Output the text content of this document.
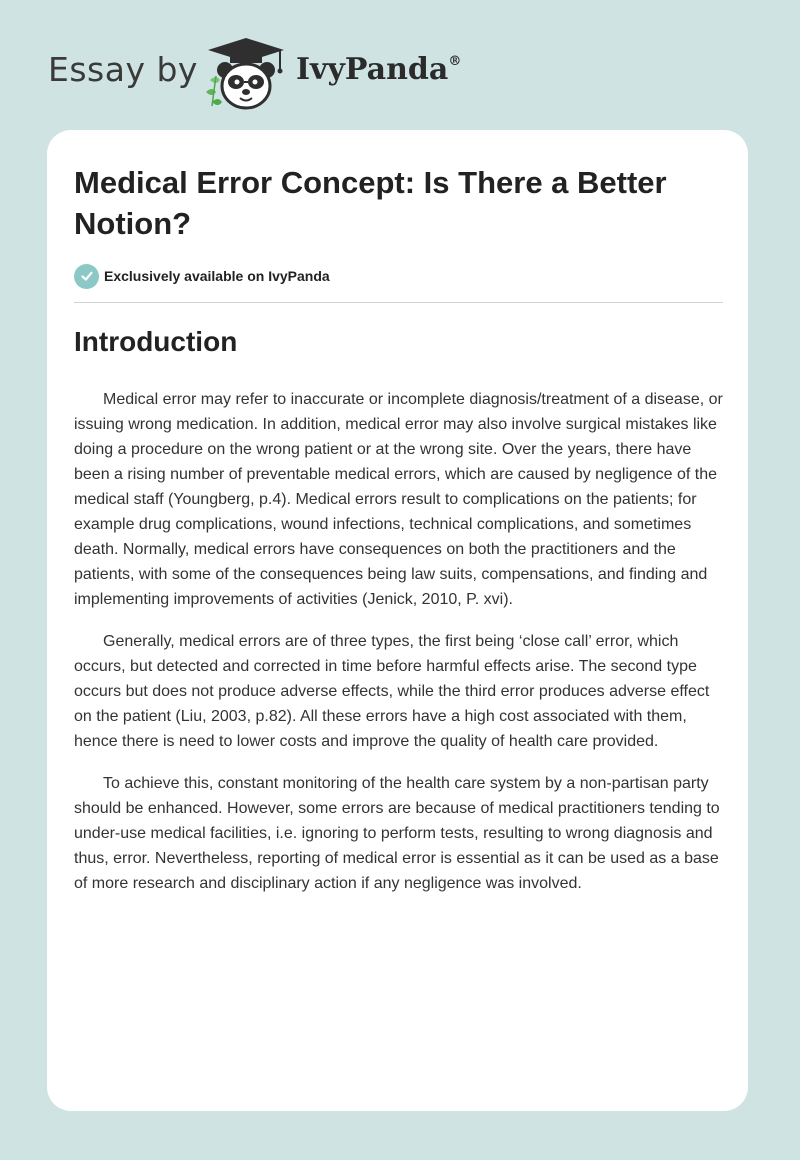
Essay by	IvyPanda®
Medical Error Concept: Is There a Better Notion?
Exclusively available on IvyPanda
Introduction

Medical error may refer to inaccurate or incomplete diagnosis/treatment of a disease, or issuing wrong medication. In addition, medical error may also involve surgical mistakes like doing a procedure on the wrong patient or at the wrong site. Over the years, there have been a rising number of preventable medical errors, which are caused by negligence of the medical staff (Youngberg, p.4). Medical errors result to complications on the patients; for example drug complications, wound infections, technical complications, and sometimes death. Normally, medical errors have consequences on both the practitioners and the patients, with some of the consequences being law suits, compensations, and finding and implementing improvements of activities (Jenick, 2010, P. xvi).

Generally, medical errors are of three types, the first being ‘close call’ error, which occurs, but detected and corrected in time before harmful effects arise. The second type occurs but does not produce adverse effects, while the third error produces adverse effect on the patient (Liu, 2003, p.82). All these errors have a high cost associated with them, hence there is need to lower costs and improve the quality of health care provided.

To achieve this, constant monitoring of the health care system by a non-partisan party should be enhanced. However, some errors are because of medical practitioners tending to under-use medical facilities, i.e. ignoring to perform tests, resulting to wrong diagnosis and thus, error. Nevertheless, reporting of medical error is essential as it can be used as a base of more research and disciplinary action if any negligence was involved.
